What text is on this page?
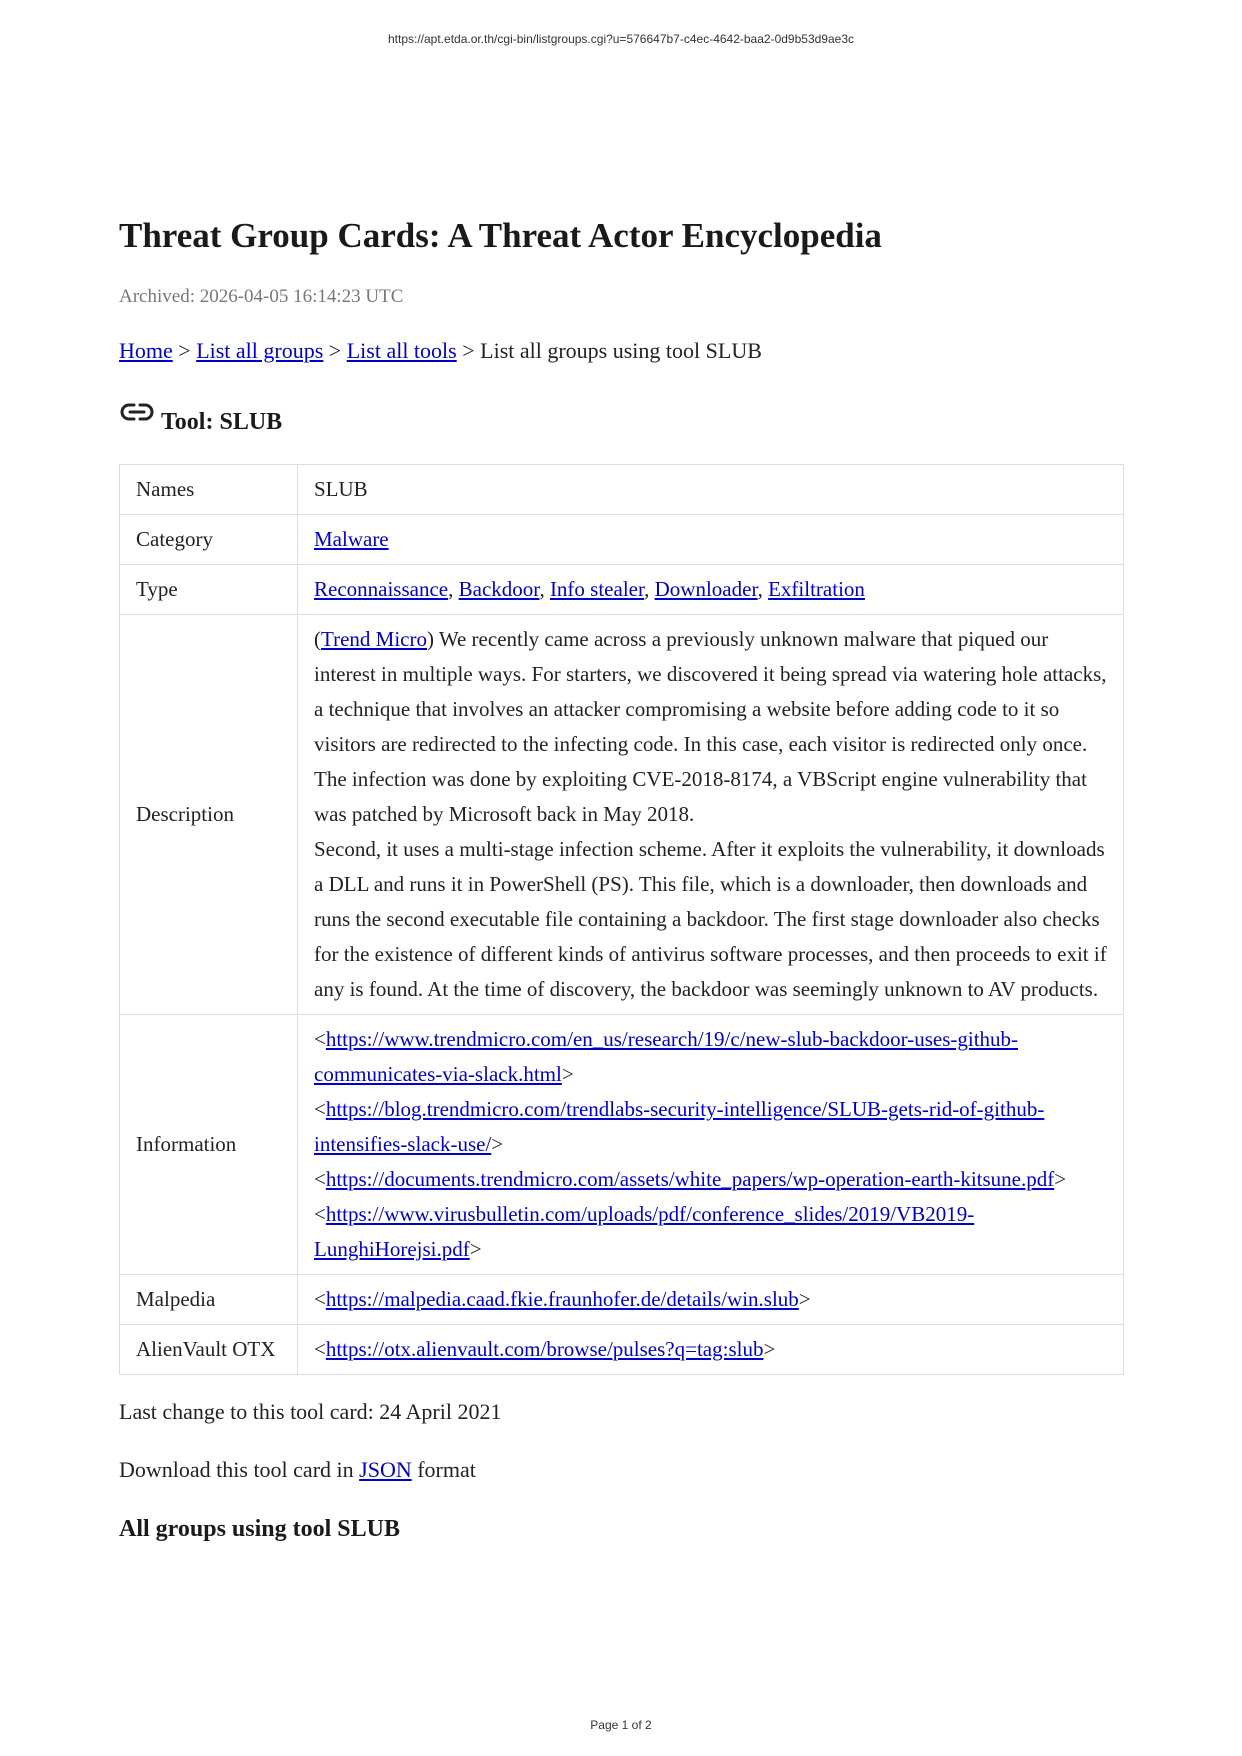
https://apt.etda.or.th/cgi-bin/listgroups.cgi?u=576647b7-c4ec-4642-baa2-0d9b53d9ae3c
Threat Group Cards: A Threat Actor Encyclopedia
Archived: 2026-04-05 16:14:23 UTC
Home > List all groups > List all tools > List all groups using tool SLUB
Tool: SLUB
Names	SLUB
Category	Malware
Type	Reconnaissance, Backdoor, Info stealer, Downloader, Exfiltration
Description	(Trend Micro) We recently came across a previously unknown malware that piqued our interest in multiple ways. For starters, we discovered it being spread via watering hole attacks, a technique that involves an attacker compromising a website before adding code to it so visitors are redirected to the infecting code. In this case, each visitor is redirected only once. The infection was done by exploiting CVE-2018-8174, a VBScript engine vulnerability that was patched by Microsoft back in May 2018.
Second, it uses a multi-stage infection scheme. After it exploits the vulnerability, it downloads a DLL and runs it in PowerShell (PS). This file, which is a downloader, then downloads and runs the second executable file containing a backdoor. The first stage downloader also checks for the existence of different kinds of antivirus software processes, and then proceeds to exit if any is found. At the time of discovery, the backdoor was seemingly unknown to AV products.

Information	<https://www.trendmicro.com/en_us/research/19/c/new-slub-backdoor-uses-github-communicates-via-slack.html>
<https://blog.trendmicro.com/trendlabs-security-intelligence/SLUB-gets-rid-of-github-intensifies-slack-use/>
<https://documents.trendmicro.com/assets/white_papers/wp-operation-earth-kitsune.pdf>
<https://www.virusbulletin.com/uploads/pdf/conference_slides/2019/VB2019-LunghiHorejsi.pdf>

Malpedia	<https://malpedia.caad.fkie.fraunhofer.de/details/win.slub>
AlienVault OTX	<https://otx.alienvault.com/browse/pulses?q=tag:slub>
Last change to this tool card: 24 April 2021
Download this tool card in JSON format
All groups using tool SLUB
Page 1 of 2
